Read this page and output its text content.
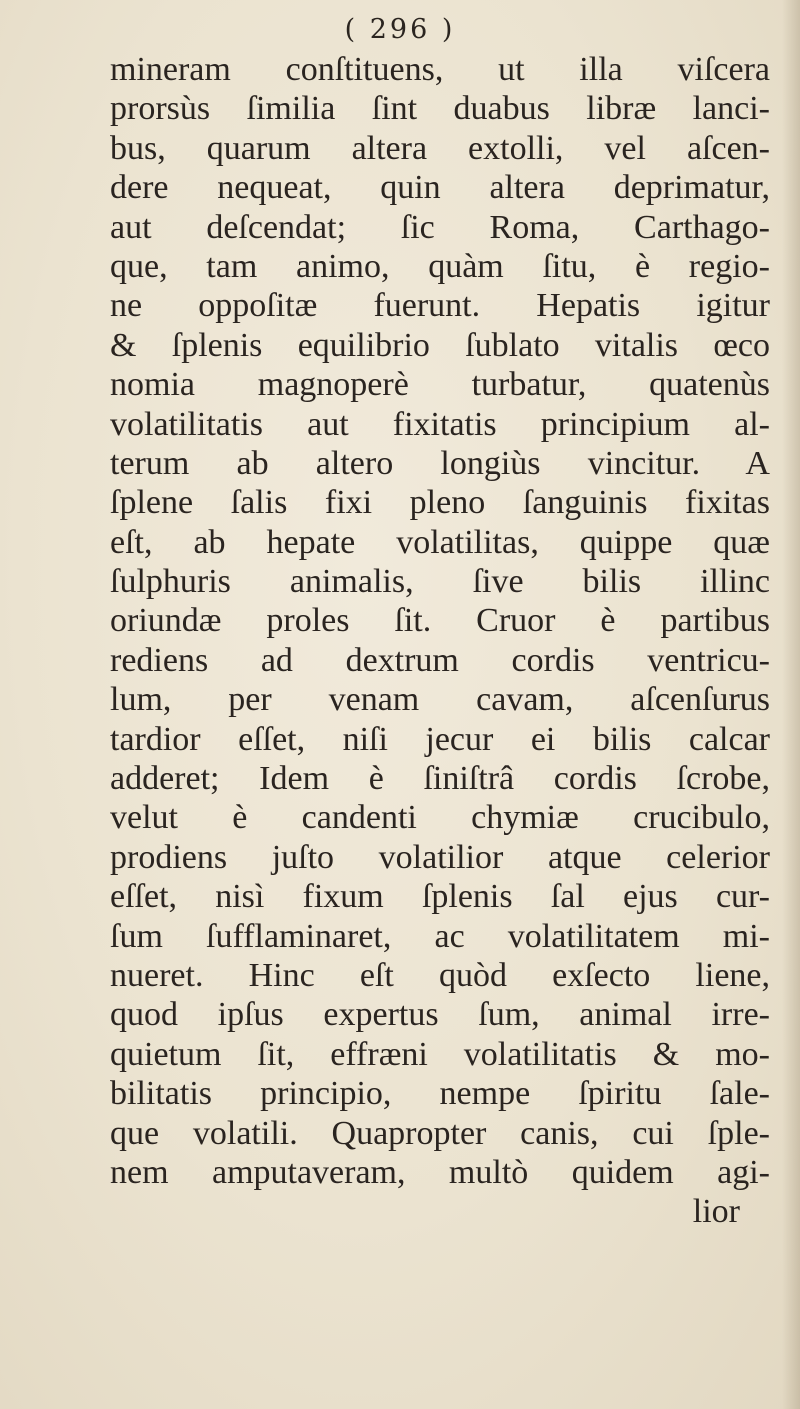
( 296 )
mineram conſtituens, ut illa viſcera
prorsùs ſimilia ſint duabus libræ lanci-
bus, quarum altera extolli, vel aſcen-
dere nequeat, quin altera deprimatur,
aut deſcendat; ſic Roma, Carthago-
que, tam animo, quàm ſitu, è regio-
ne oppoſitæ fuerunt. Hepatis igitur
& ſplenis equilibrio ſublato vitalis œco
nomia magnoperè turbatur, quatenùs
volatilitatis aut fixitatis principium al-
terum ab altero longiùs vincitur. A
ſplene ſalis fixi pleno ſanguinis fixitas
eſt, ab hepate volatilitas, quippe quæ
ſulphuris animalis, ſive bilis illinc
oriundæ proles ſit. Cruor è partibus
rediens ad dextrum cordis ventricu-
lum, per venam cavam, aſcenſurus
tardior eſſet, niſi jecur ei bilis calcar
adderet; Idem è ſiniſtrâ cordis ſcrobe,
velut è candenti chymiæ crucibulo,
prodiens juſto volatilior atque celerior
eſſet, nisì fixum ſplenis ſal ejus cur-
ſum ſufflaminaret, ac volatilitatem mi-
nueret. Hinc eſt quòd exſecto liene,
quod ipſus expertus ſum, animal irre-
quietum ſit, effræni volatilitatis & mo-
bilitatis principio, nempe ſpiritu ſale-
que volatili. Quapropter canis, cui ſple-
nem amputaveram, multò quidem agi-
lior
